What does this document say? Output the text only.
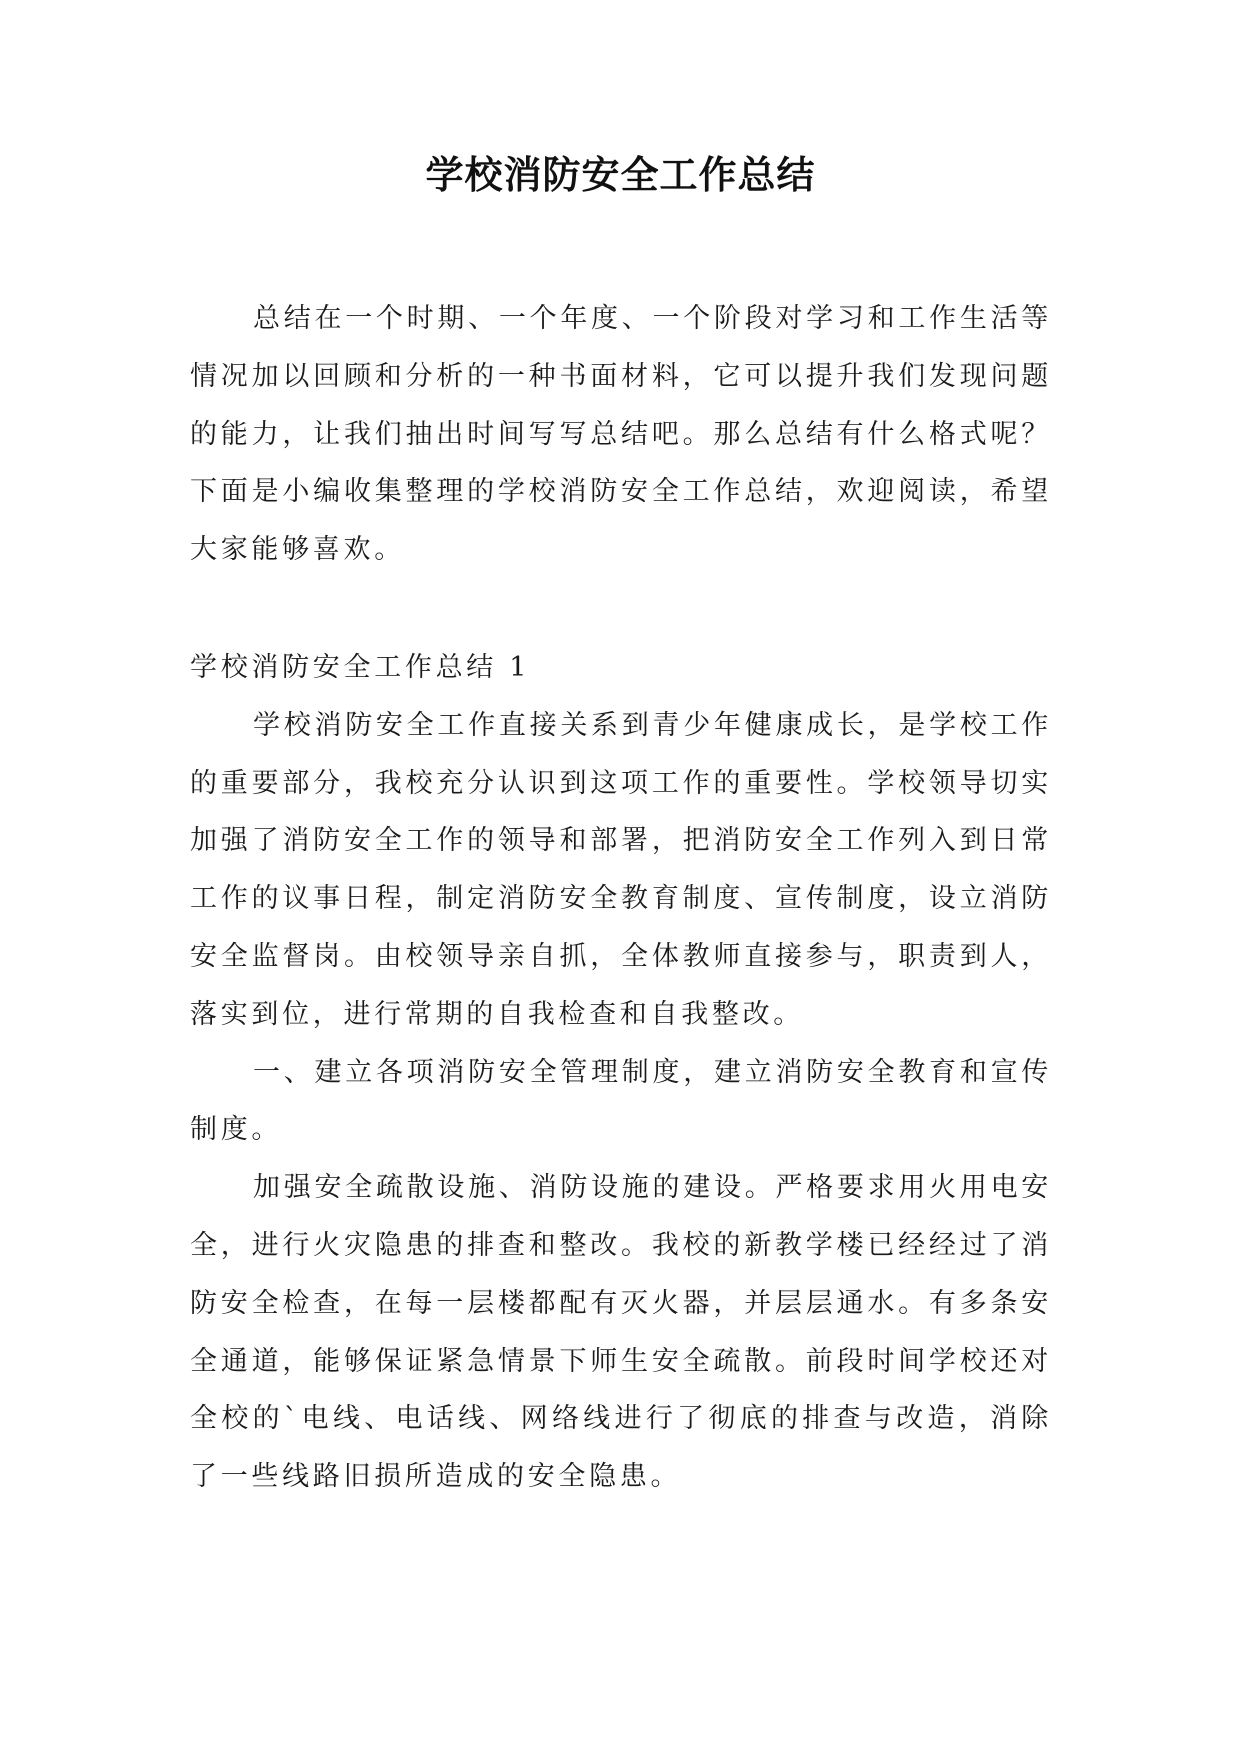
学校消防安全工作总结

总结在一个时期、一个年度、一个阶段对学习和工作生活等情况加以回顾和分析的一种书面材料，它可以提升我们发现问题的能力，让我们抽出时间写写总结吧。那么总结有什么格式呢？下面是小编收集整理的学校消防安全工作总结，欢迎阅读，希望大家能够喜欢。

学校消防安全工作总结 1

学校消防安全工作直接关系到青少年健康成长，是学校工作的重要部分，我校充分认识到这项工作的重要性。学校领导切实加强了消防安全工作的领导和部署，把消防安全工作列入到日常工作的议事日程，制定消防安全教育制度、宣传制度，设立消防安全监督岗。由校领导亲自抓，全体教师直接参与，职责到人，落实到位，进行常期的自我检查和自我整改。

一、建立各项消防安全管理制度，建立消防安全教育和宣传制度。

加强安全疏散设施、消防设施的建设。严格要求用火用电安全，进行火灾隐患的排查和整改。我校的新教学楼已经经过了消防安全检查，在每一层楼都配有灭火器，并层层通水。有多条安全通道，能够保证紧急情景下师生安全疏散。前段时间学校还对全校的`电线、电话线、网络线进行了彻底的排查与改造，消除了一些线路旧损所造成的安全隐患。
